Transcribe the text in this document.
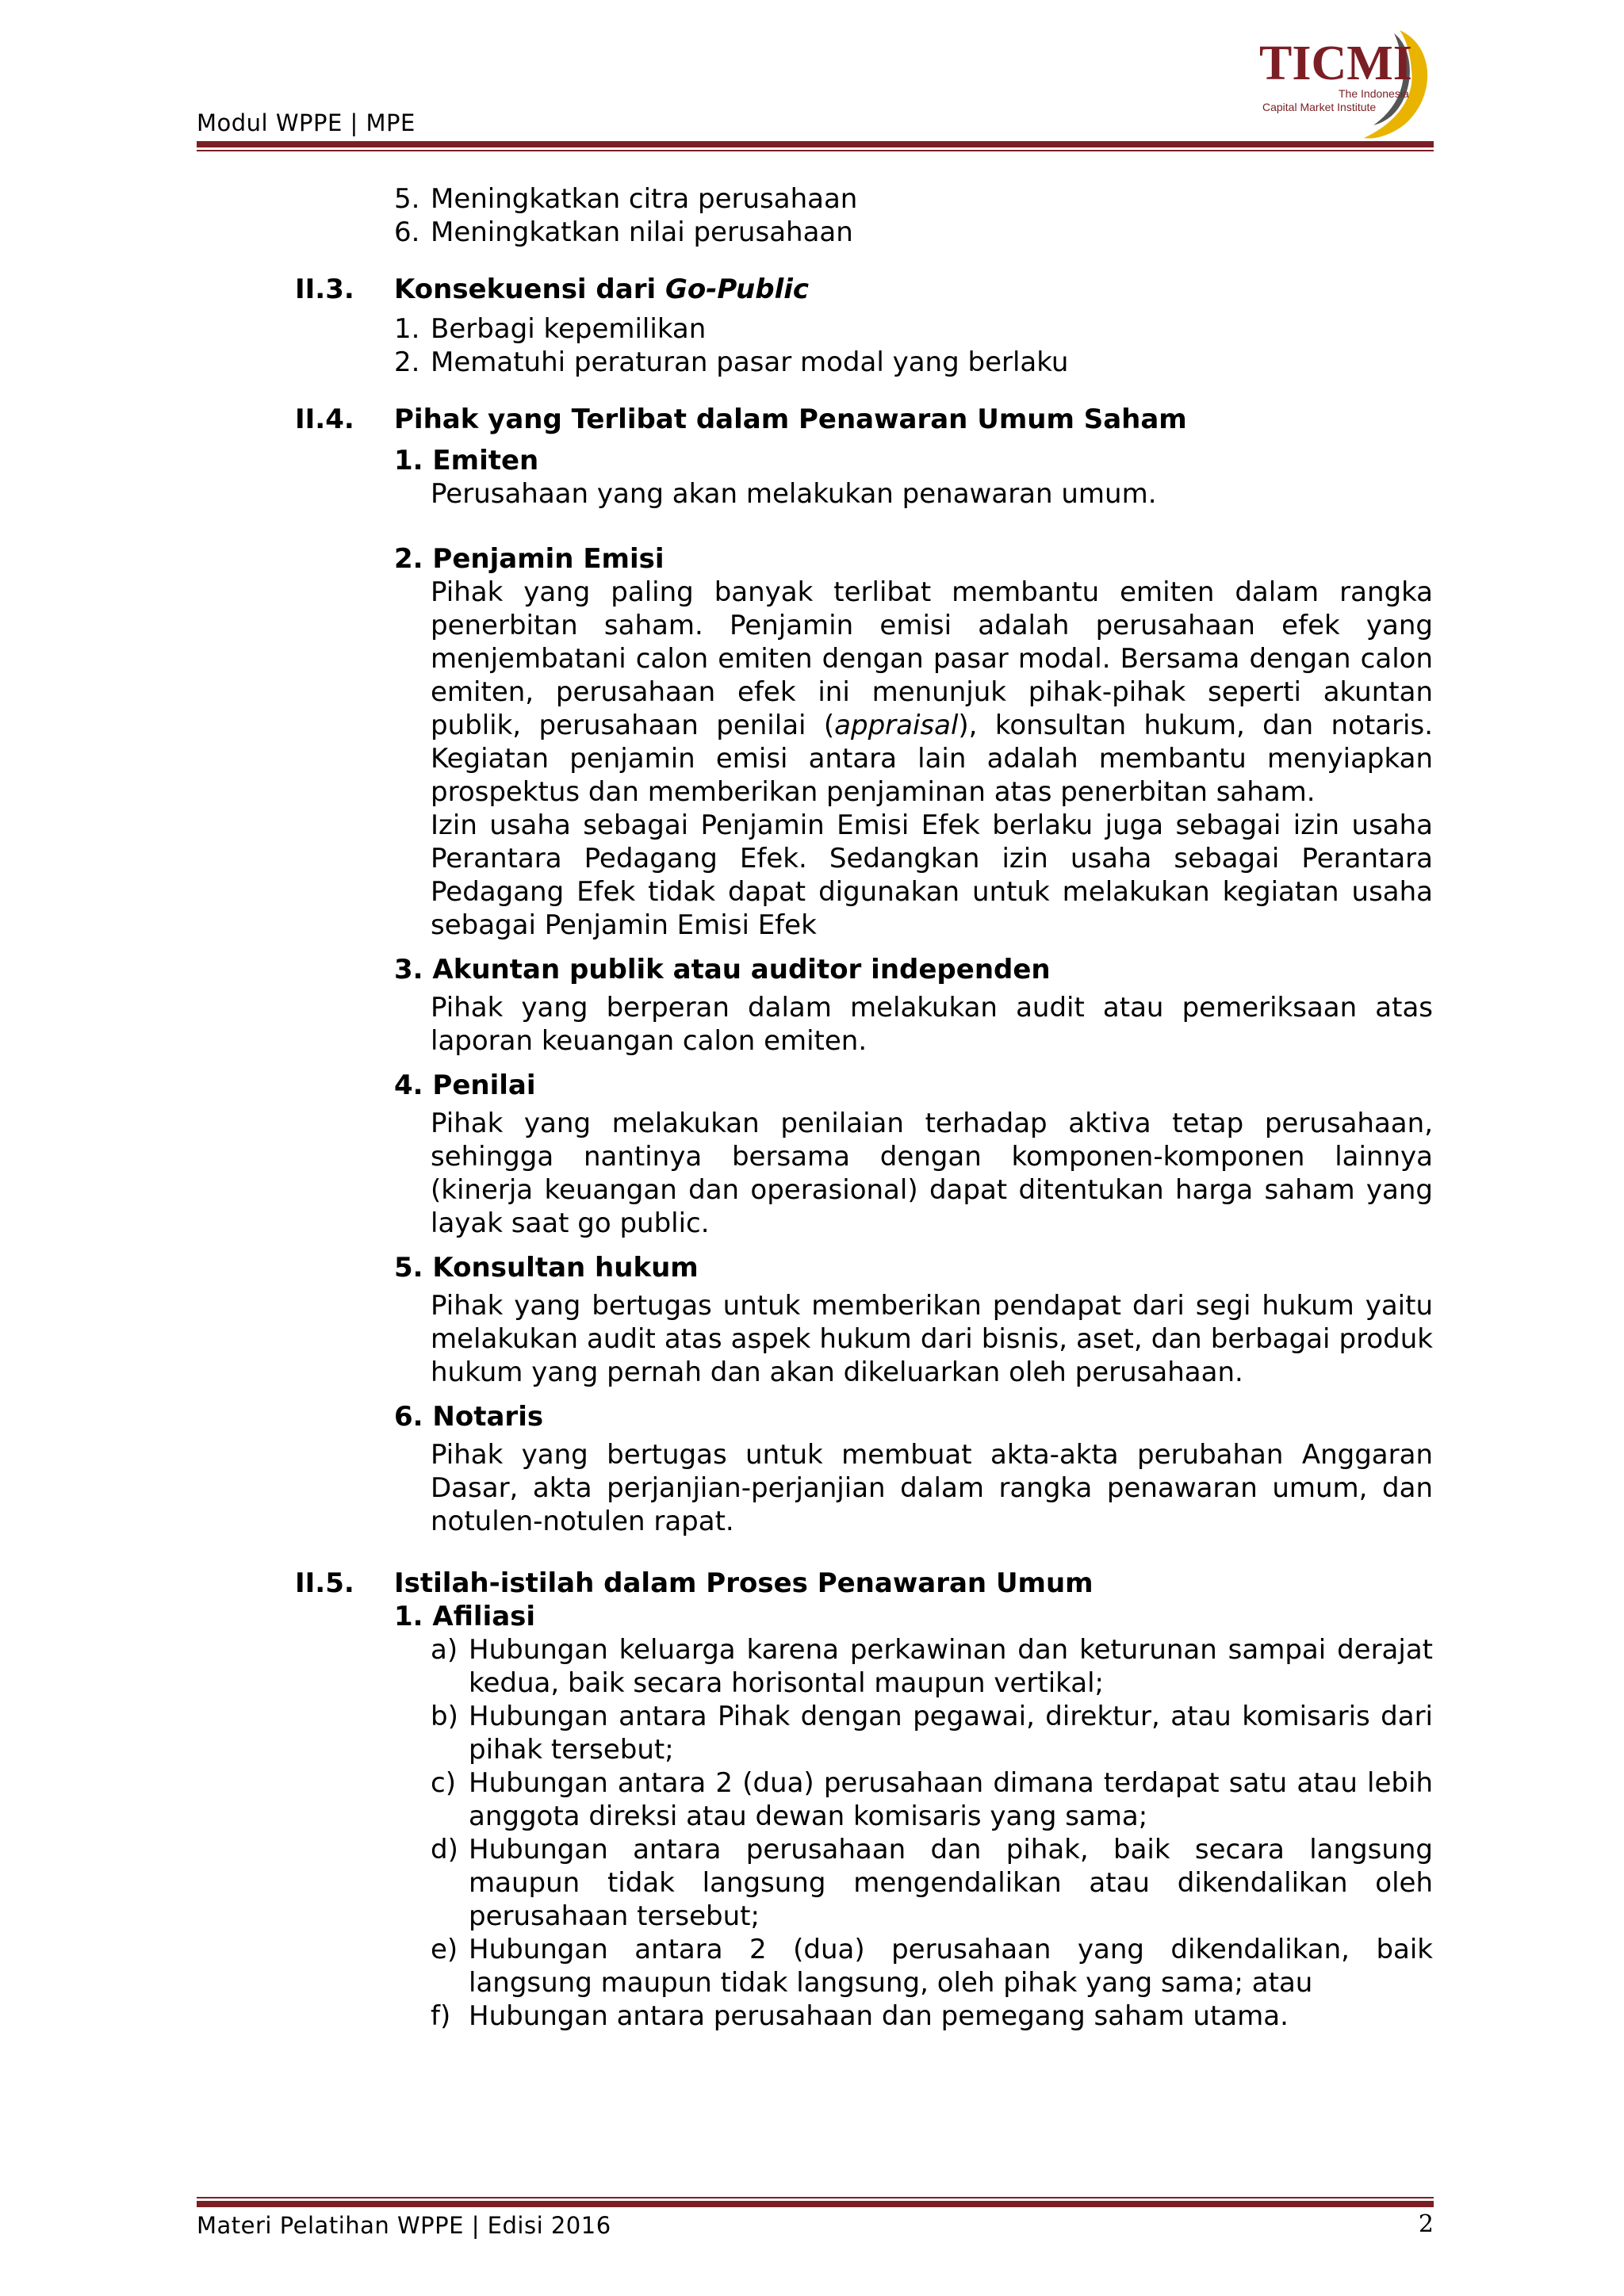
Modul WPPE | MPE
TICMI
The Indonesia
Capital Market Institute
5. Meningkatkan citra perusahaan
6. Meningkatkan nilai perusahaan
II.3.	Konsekuensi dari Go-Public
1. Berbagi kepemilikan
2. Mematuhi peraturan pasar modal yang berlaku
II.4.	Pihak yang Terlibat dalam Penawaran Umum Saham
1. Emiten
Perusahaan yang akan melakukan penawaran umum.
2. Penjamin Emisi
Pihak yang paling banyak terlibat membantu emiten dalam rangka penerbitan saham. Penjamin emisi adalah perusahaan efek yang menjembatani calon emiten dengan pasar modal. Bersama dengan calon emiten, perusahaan efek ini menunjuk pihak-pihak seperti akuntan publik, perusahaan penilai (appraisal), konsultan hukum, dan notaris. Kegiatan penjamin emisi antara lain adalah membantu menyiapkan prospektus dan memberikan penjaminan atas penerbitan saham.
Izin usaha sebagai Penjamin Emisi Efek berlaku juga sebagai izin usaha Perantara Pedagang Efek. Sedangkan izin usaha sebagai Perantara Pedagang Efek tidak dapat digunakan untuk melakukan kegiatan usaha sebagai Penjamin Emisi Efek
3. Akuntan publik atau auditor independen
Pihak yang berperan dalam melakukan audit atau pemeriksaan atas laporan keuangan calon emiten.
4. Penilai
Pihak yang melakukan penilaian terhadap aktiva tetap perusahaan, sehingga nantinya bersama dengan komponen-komponen lainnya (kinerja keuangan dan operasional) dapat ditentukan harga saham yang layak saat go public.
5. Konsultan hukum
Pihak yang bertugas untuk memberikan pendapat dari segi hukum yaitu melakukan audit atas aspek hukum dari bisnis, aset, dan berbagai produk hukum yang pernah dan akan dikeluarkan oleh perusahaan.
6. Notaris
Pihak yang bertugas untuk membuat akta-akta perubahan Anggaran Dasar, akta perjanjian-perjanjian dalam rangka penawaran umum, dan notulen-notulen rapat.
II.5.	Istilah-istilah dalam Proses Penawaran Umum
1. Afiliasi
a) Hubungan keluarga karena perkawinan dan keturunan sampai derajat kedua, baik secara horisontal maupun vertikal;
b) Hubungan antara Pihak dengan pegawai, direktur, atau komisaris dari pihak tersebut;
c) Hubungan antara 2 (dua) perusahaan dimana terdapat satu atau lebih anggota direksi atau dewan komisaris yang sama;
d) Hubungan antara perusahaan dan pihak, baik secara langsung maupun tidak langsung mengendalikan atau dikendalikan oleh perusahaan tersebut;
e) Hubungan antara 2 (dua) perusahaan yang dikendalikan, baik langsung maupun tidak langsung, oleh pihak yang sama; atau
f) Hubungan antara perusahaan dan pemegang saham utama.
Materi Pelatihan WPPE | Edisi 2016	2
